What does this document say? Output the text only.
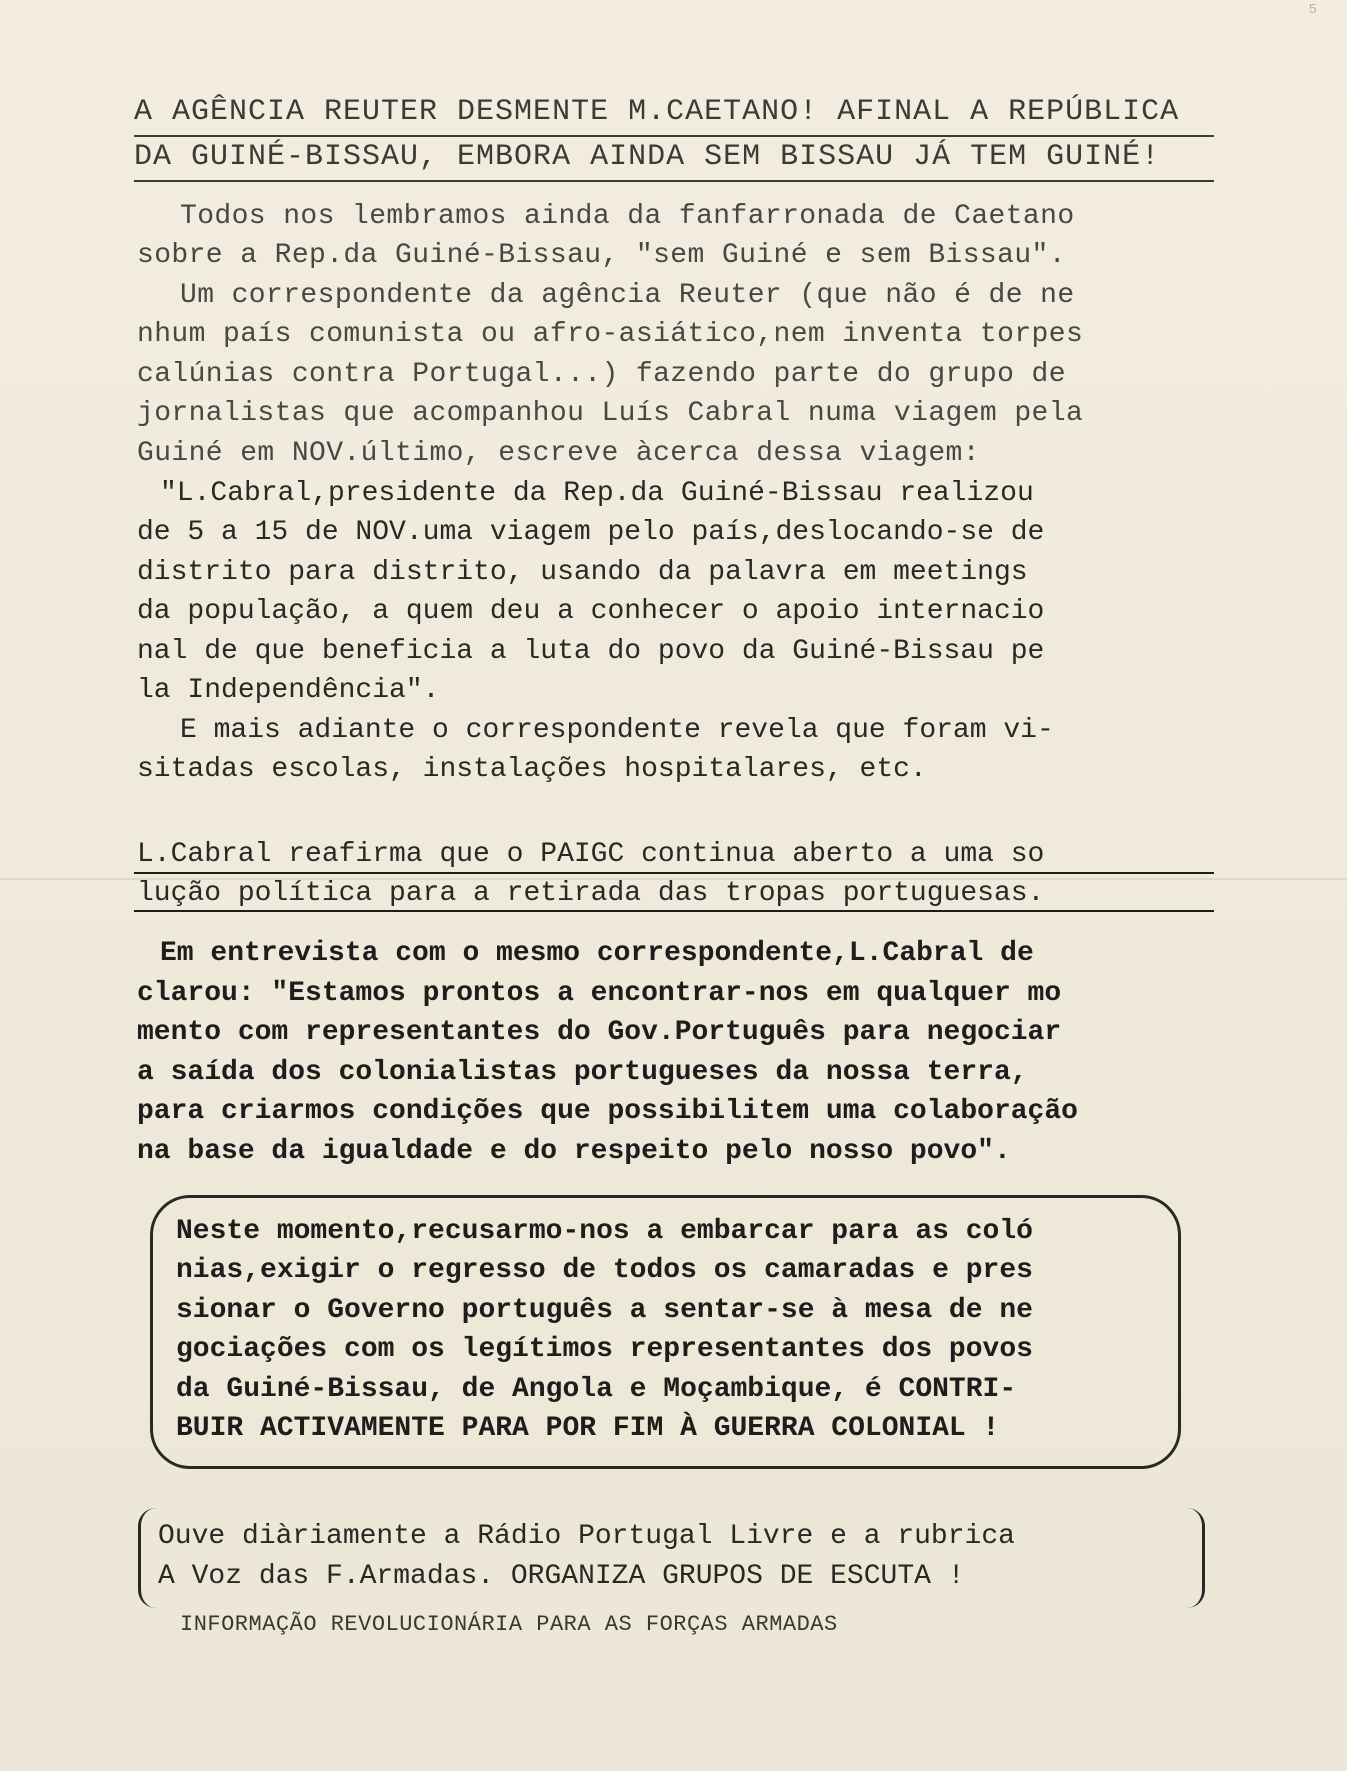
5
A AGÊNCIA REUTER DESMENTE M.CAETANO! AFINAL A REPÚBLICA
DA GUINÉ-BISSAU, EMBORA AINDA SEM BISSAU JÁ TEM GUINÉ!
Todos nos lembramos ainda da fanfarronada de Caetano
sobre a Rep.da Guiné-Bissau, "sem Guiné e sem Bissau".
Um correspondente da agência Reuter (que não é de ne
nhum país comunista ou afro-asiático,nem inventa torpes
calúnias contra Portugal...) fazendo parte do grupo de
jornalistas que acompanhou Luís Cabral numa viagem pela
Guiné em NOV.último, escreve àcerca dessa viagem:
"L.Cabral,presidente da Rep.da Guiné-Bissau realizou
de 5 a 15 de NOV.uma viagem pelo país,deslocando-se de
distrito para distrito, usando da palavra em meetings
da população, a quem deu a conhecer o apoio internacio
nal de que beneficia a luta do povo da Guiné-Bissau pe
la Independência".
E mais adiante o correspondente revela que foram vi-
sitadas escolas, instalações hospitalares, etc.
L.Cabral reafirma que o PAIGC continua aberto a uma so
lução política para a retirada das tropas portuguesas.
Em entrevista com o mesmo correspondente,L.Cabral de
clarou: "Estamos prontos a encontrar-nos em qualquer mo
mento com representantes do Gov.Português para negociar
a saída dos colonialistas portugueses da nossa terra,
para criarmos condições que possibilitem uma colaboração
na base da igualdade e do respeito pelo nosso povo".
Neste momento,recusarmo-nos a embarcar para as coló
nias,exigir o regresso de todos os camaradas e pres
sionar o Governo português a sentar-se à mesa de ne
gociações com os legítimos representantes dos povos
da Guiné-Bissau, de Angola e Moçambique, é CONTRI-
BUIR ACTIVAMENTE PARA POR FIM À GUERRA COLONIAL !
Ouve diàriamente a Rádio Portugal Livre e a rubrica
A Voz das F.Armadas. ORGANIZA GRUPOS DE ESCUTA !
INFORMAÇÃO REVOLUCIONÁRIA PARA AS FORÇAS ARMADAS
